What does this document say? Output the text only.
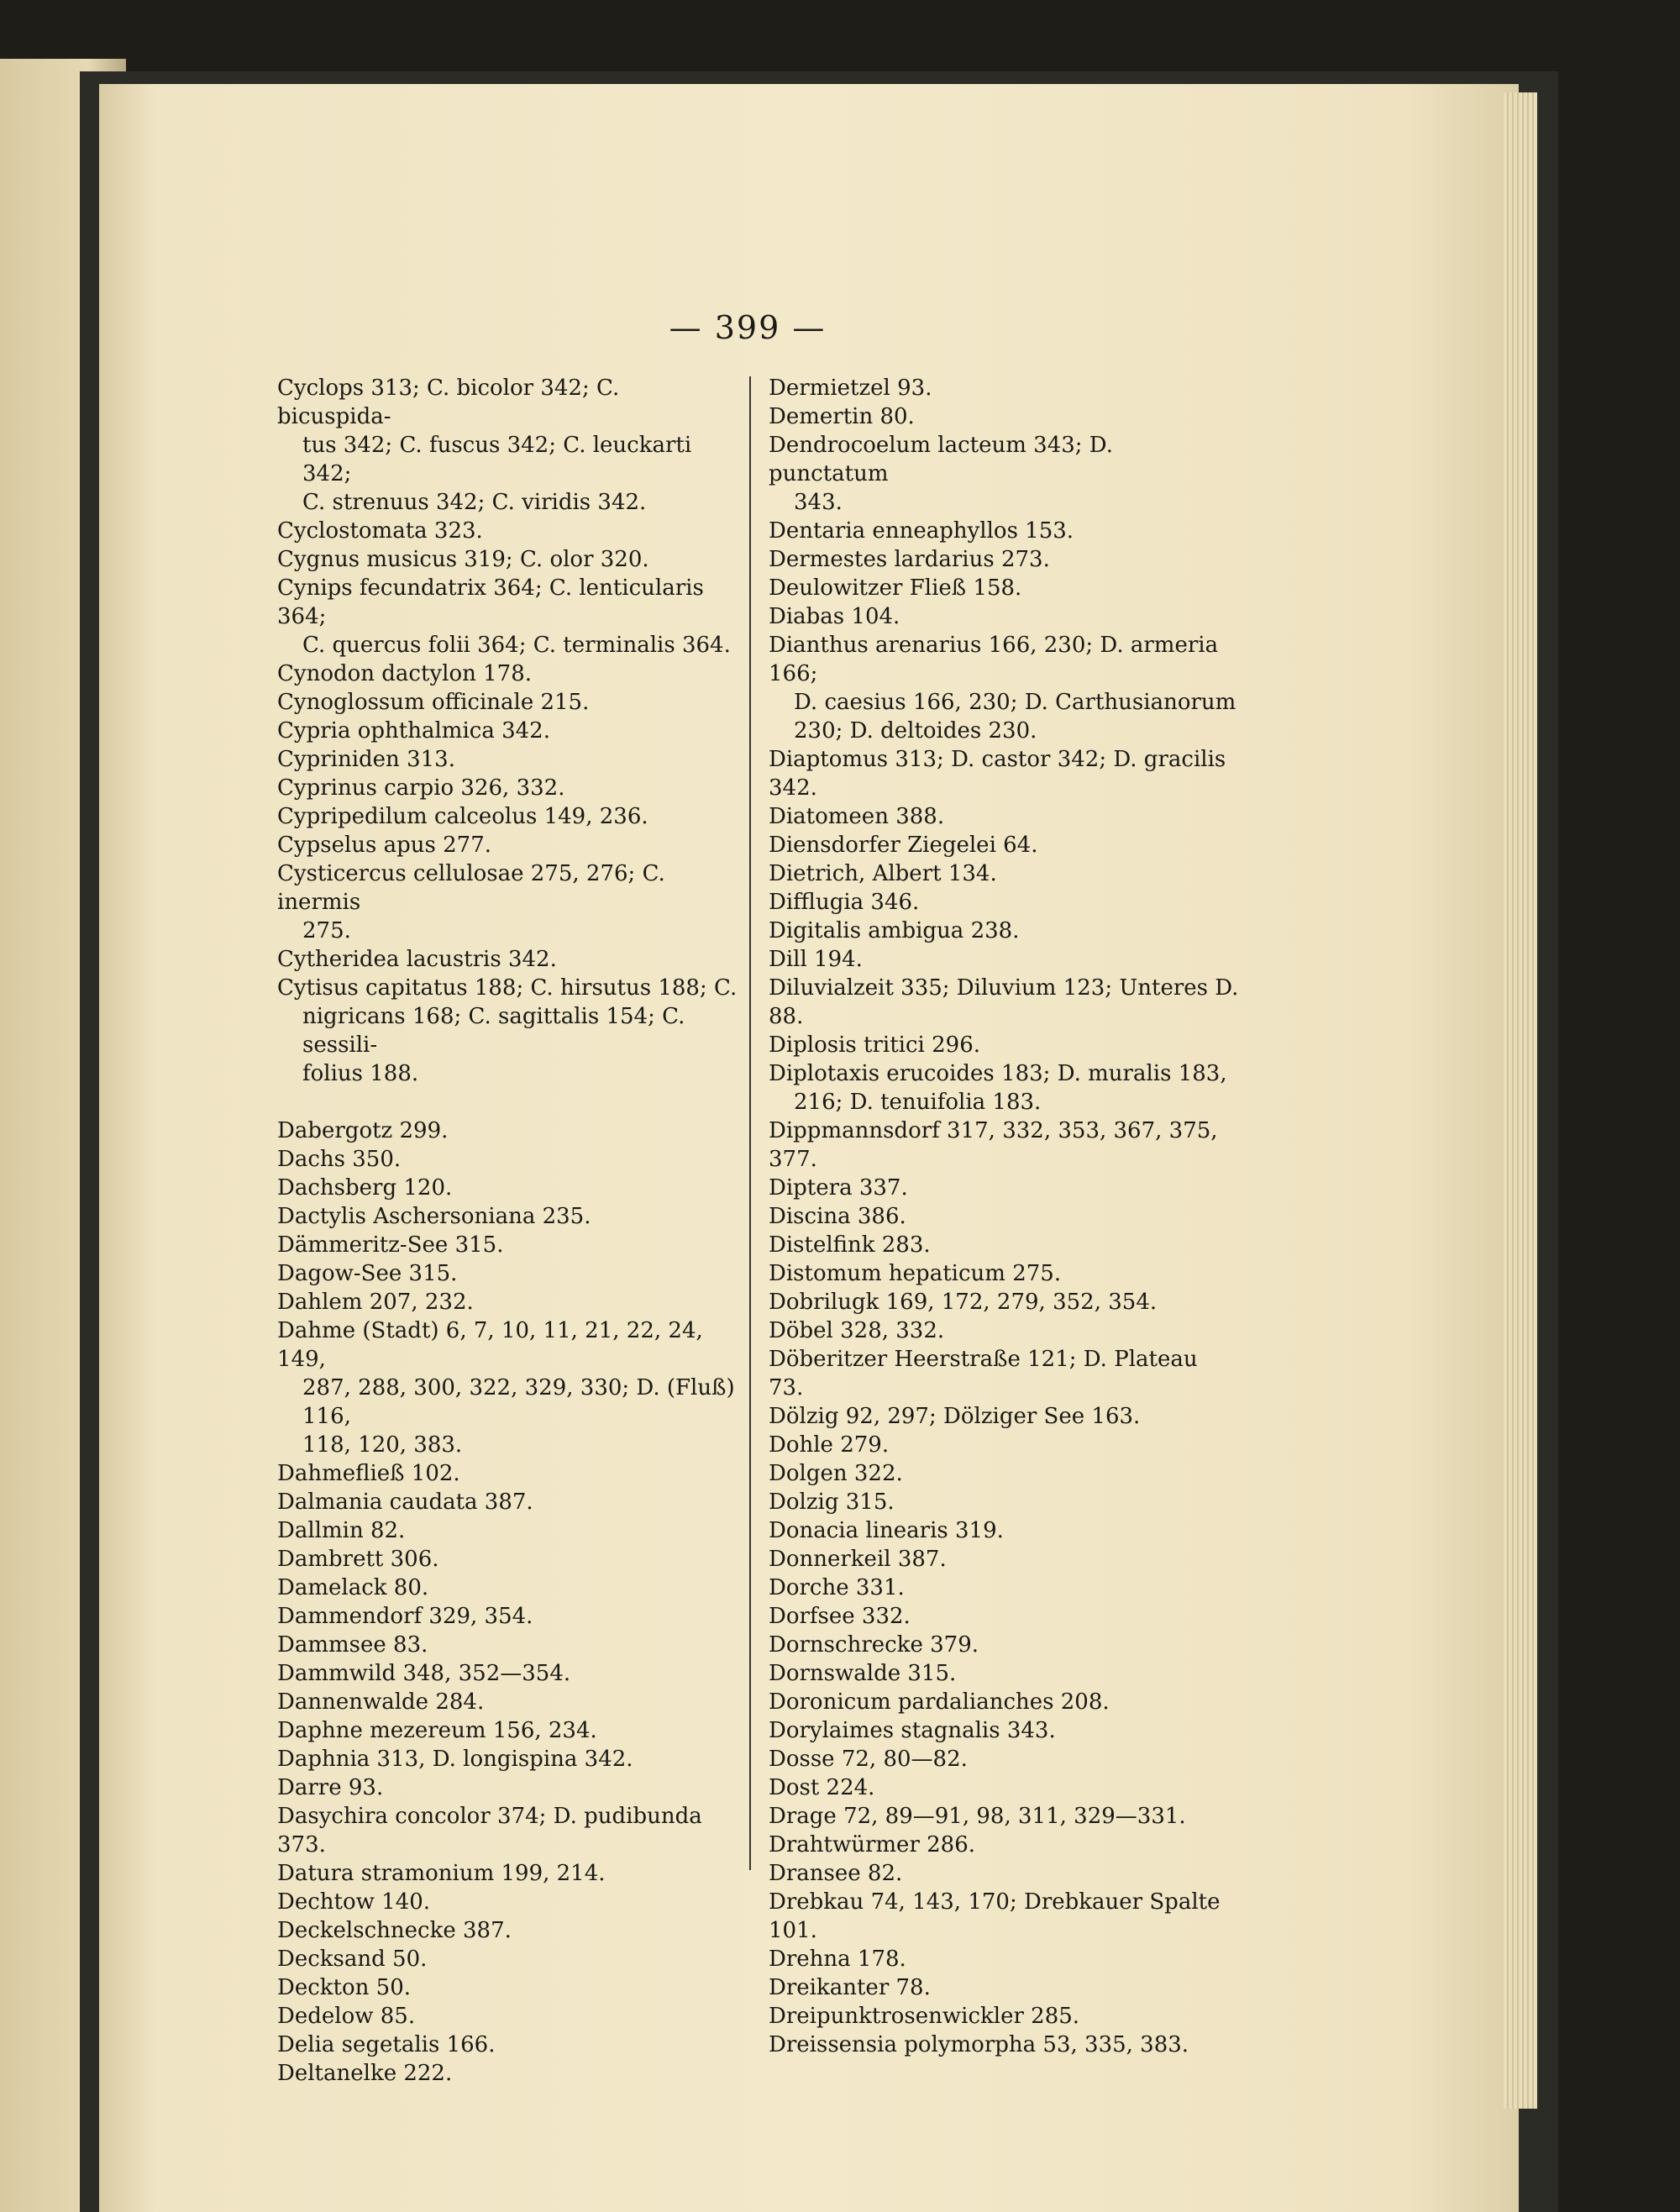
— 399 —
Cyclops 313; C. bicolor 342; C. bicuspida-
tus 342; C. fuscus 342; C. leuckarti 342;
C. strenuus 342; C. viridis 342.
Cyclostomata 323.
Cygnus musicus 319; C. olor 320.
Cynips fecundatrix 364; C. lenticularis 364;
C. quercus folii 364; C. terminalis 364.
Cynodon dactylon 178.
Cynoglossum officinale 215.
Cypria ophthalmica 342.
Cypriniden 313.
Cyprinus carpio 326, 332.
Cypripedilum calceolus 149, 236.
Cypselus apus 277.
Cysticercus cellulosae 275, 276; C. inermis
275.
Cytheridea lacustris 342.
Cytisus capitatus 188; C. hirsutus 188; C.
nigricans 168; C. sagittalis 154; C. sessili-
folius 188.
Dabergotz 299.
Dachs 350.
Dachsberg 120.
Dactylis Aschersoniana 235.
Dämmeritz-See 315.
Dagow-See 315.
Dahlem 207, 232.
Dahme (Stadt) 6, 7, 10, 11, 21, 22, 24, 149,
287, 288, 300, 322, 329, 330; D. (Fluß) 116,
118, 120, 383.
Dahmefließ 102.
Dalmania caudata 387.
Dallmin 82.
Dambrett 306.
Damelack 80.
Dammendorf 329, 354.
Dammsee 83.
Dammwild 348, 352—354.
Dannenwalde 284.
Daphne mezereum 156, 234.
Daphnia 313, D. longispina 342.
Darre 93.
Dasychira concolor 374; D. pudibunda 373.
Datura stramonium 199, 214.
Dechtow 140.
Deckelschnecke 387.
Decksand 50.
Deckton 50.
Dedelow 85.
Delia segetalis 166.
Deltanelke 222.
Dermietzel 93.
Demertin 80.
Dendrocoelum lacteum 343; D. punctatum
343.
Dentaria enneaphyllos 153.
Dermestes lardarius 273.
Deulowitzer Fließ 158.
Diabas 104.
Dianthus arenarius 166, 230; D. armeria 166;
D. caesius 166, 230; D. Carthusianorum
230; D. deltoides 230.
Diaptomus 313; D. castor 342; D. gracilis 342.
Diatomeen 388.
Diensdorfer Ziegelei 64.
Dietrich, Albert 134.
Difflugia 346.
Digitalis ambigua 238.
Dill 194.
Diluvialzeit 335; Diluvium 123; Unteres D. 88.
Diplosis tritici 296.
Diplotaxis erucoides 183; D. muralis 183,
216; D. tenuifolia 183.
Dippmannsdorf 317, 332, 353, 367, 375, 377.
Diptera 337.
Discina 386.
Distelfink 283.
Distomum hepaticum 275.
Dobrilugk 169, 172, 279, 352, 354.
Döbel 328, 332.
Döberitzer Heerstraße 121; D. Plateau 73.
Dölzig 92, 297; Dölziger See 163.
Dohle 279.
Dolgen 322.
Dolzig 315.
Donacia linearis 319.
Donnerkeil 387.
Dorche 331.
Dorfsee 332.
Dornschrecke 379.
Dornswalde 315.
Doronicum pardalianches 208.
Dorylaimes stagnalis 343.
Dosse 72, 80—82.
Dost 224.
Drage 72, 89—91, 98, 311, 329—331.
Drahtwürmer 286.
Dransee 82.
Drebkau 74, 143, 170; Drebkauer Spalte 101.
Drehna 178.
Dreikanter 78.
Dreipunktrosenwickler 285.
Dreissensia polymorpha 53, 335, 383.
